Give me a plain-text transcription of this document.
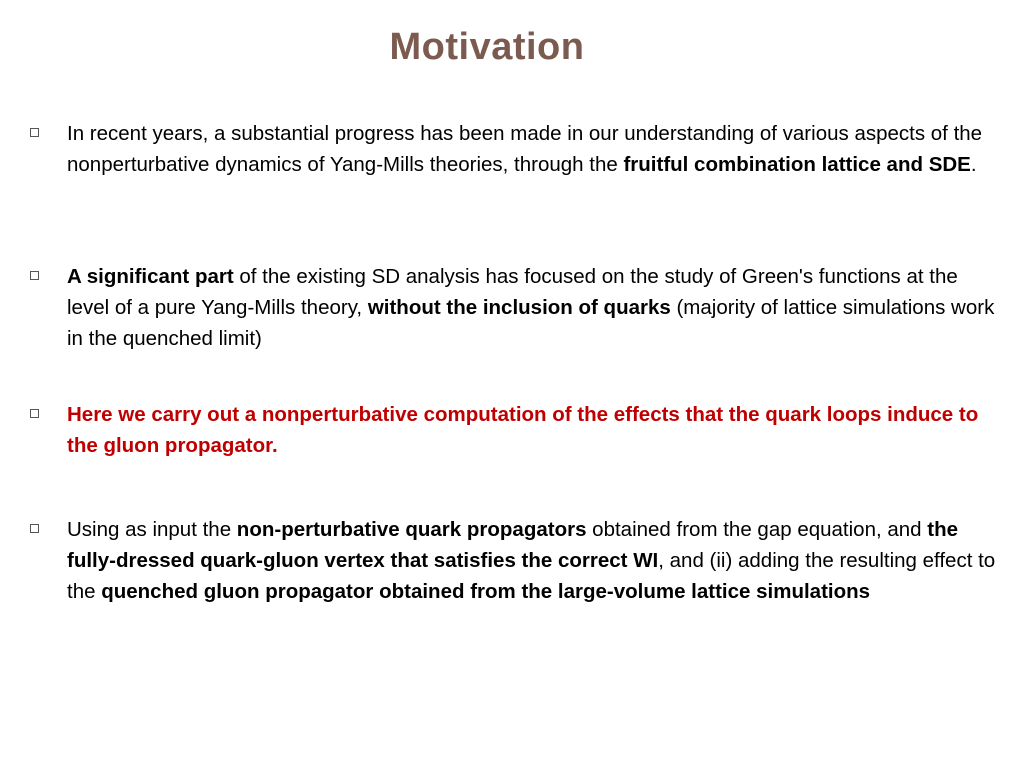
Motivation
In recent years, a substantial progress has been made in our understanding of various aspects of the nonperturbative dynamics of Yang-Mills theories, through the fruitful combination lattice and SDE.
A significant part of the existing SD analysis has focused on the study of Green's functions at the level of a pure Yang-Mills theory, without the inclusion of quarks (majority of lattice simulations work in the quenched limit)
Here we carry out a nonperturbative computation of the effects that the quark loops induce to the gluon propagator.
Using as input the non-perturbative quark propagators obtained from the gap equation, and the fully-dressed quark-gluon vertex that satisfies the correct WI, and (ii) adding the resulting effect to the quenched gluon propagator obtained from the large-volume lattice simulations
